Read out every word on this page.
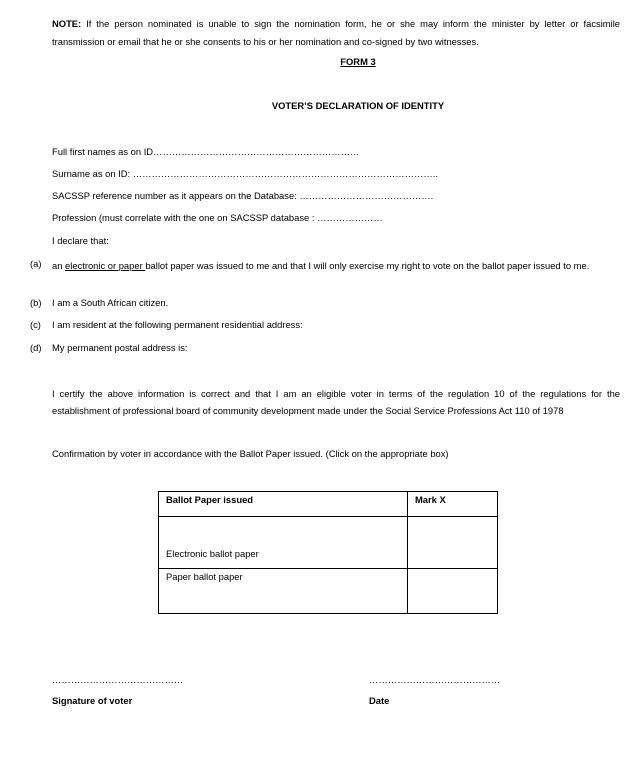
NOTE: If the person nominated is unable to sign the nomination form, he or she may inform the minister by letter or facsimile transmission or email that he or she consents to his or her nomination and co-signed by two witnesses.
FORM 3
VOTER’S DECLARATION OF IDENTITY
Full first names as on ID…………………………………………………………
Surname as on ID: ……………………………………………………………………………………..
SACSSP reference number as it appears on the Database: …………………………………….
Profession (must correlate with the one on SACSSP database : …………………
I declare that:
(a) an electronic or paper ballot paper was issued to me and that I will only exercise my right to vote on the ballot paper issued to me.
(b) I am a South African citizen.
(c) I am resident at the following permanent residential address:
(d) My permanent postal address is:
I certify the above information is correct and that I am an eligible voter in terms of the regulation 10 of the regulations for the establishment of professional board of community development made under the Social Service Professions Act 110 of 1978
Confirmation by voter in accordance with the Ballot Paper issued. (Click on the appropriate box)
Ballot Paper issued	Mark X
Electronic ballot paper	
Paper ballot paper	
……………………………………
Signature of voter
……………………………………
Date
